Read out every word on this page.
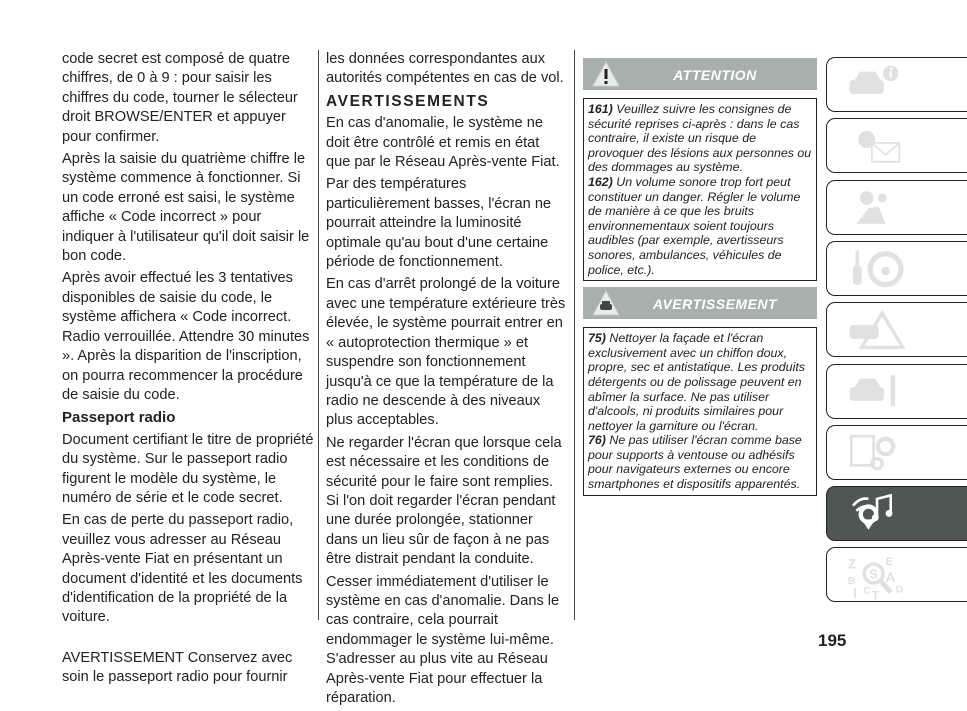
code secret est composé de quatre chiffres, de 0 à 9 : pour saisir les chiffres du code, tourner le sélecteur droit BROWSE/ENTER et appuyer pour confirmer.

Après la saisie du quatrième chiffre le système commence à fonctionner. Si un code erroné est saisi, le système affiche « Code incorrect » pour indiquer à l'utilisateur qu'il doit saisir le bon code.

Après avoir effectué les 3 tentatives disponibles de saisie du code, le système affichera « Code incorrect. Radio verrouillée. Attendre 30 minutes ». Après la disparition de l'inscription, on pourra recommencer la procédure de saisie du code.

Passeport radio

Document certifiant le titre de propriété du système. Sur le passeport radio figurent le modèle du système, le numéro de série et le code secret.

En cas de perte du passeport radio, veuillez vous adresser au Réseau Après-vente Fiat en présentant un document d'identité et les documents d'identification de la propriété de la voiture.

AVERTISSEMENT Conservez avec soin le passeport radio pour fournir

les données correspondantes aux autorités compétentes en cas de vol.

AVERTISSEMENTS

En cas d'anomalie, le système ne doit être contrôlé et remis en état que par le Réseau Après-vente Fiat.

Par des températures particulièrement basses, l'écran ne pourrait atteindre la luminosité optimale qu'au bout d'une certaine période de fonctionnement.

En cas d'arrêt prolongé de la voiture avec une température extérieure très élevée, le système pourrait entrer en « autoprotection thermique » et suspendre son fonctionnement jusqu'à ce que la température de la radio ne descende à des niveaux plus acceptables.

Ne regarder l'écran que lorsque cela est nécessaire et les conditions de sécurité pour le faire sont remplies. Si l'on doit regarder l'écran pendant une durée prolongée, stationner dans un lieu sûr de façon à ne pas être distrait pendant la conduite.

Cesser immédiatement d'utiliser le système en cas d'anomalie. Dans le cas contraire, cela pourrait endommager le système lui-même. S'adresser au plus vite au Réseau Après-vente Fiat pour effectuer la réparation.

ATTENTION

161) Veuillez suivre les consignes de sécurité reprises ci-après : dans le cas contraire, il existe un risque de provoquer des lésions aux personnes ou des dommages au système.

162) Un volume sonore trop fort peut constituer un danger. Régler le volume de manière à ce que les bruits environnementaux soient toujours audibles (par exemple, avertisseurs sonores, ambulances, véhicules de police, etc.).

AVERTISSEMENT

75) Nettoyer la façade et l'écran exclusivement avec un chiffon doux, propre, sec et antistatique. Les produits détergents ou de polissage peuvent en abîmer la surface. Ne pas utiliser d'alcools, ni produits similaires pour nettoyer la garniture ou l'écran.

76) Ne pas utiliser l'écran comme base pour supports à ventouse ou adhésifs pour navigateurs externes ou encore smartphones et dispositifs apparentés.

Z E
B A
I C T D
S
195
